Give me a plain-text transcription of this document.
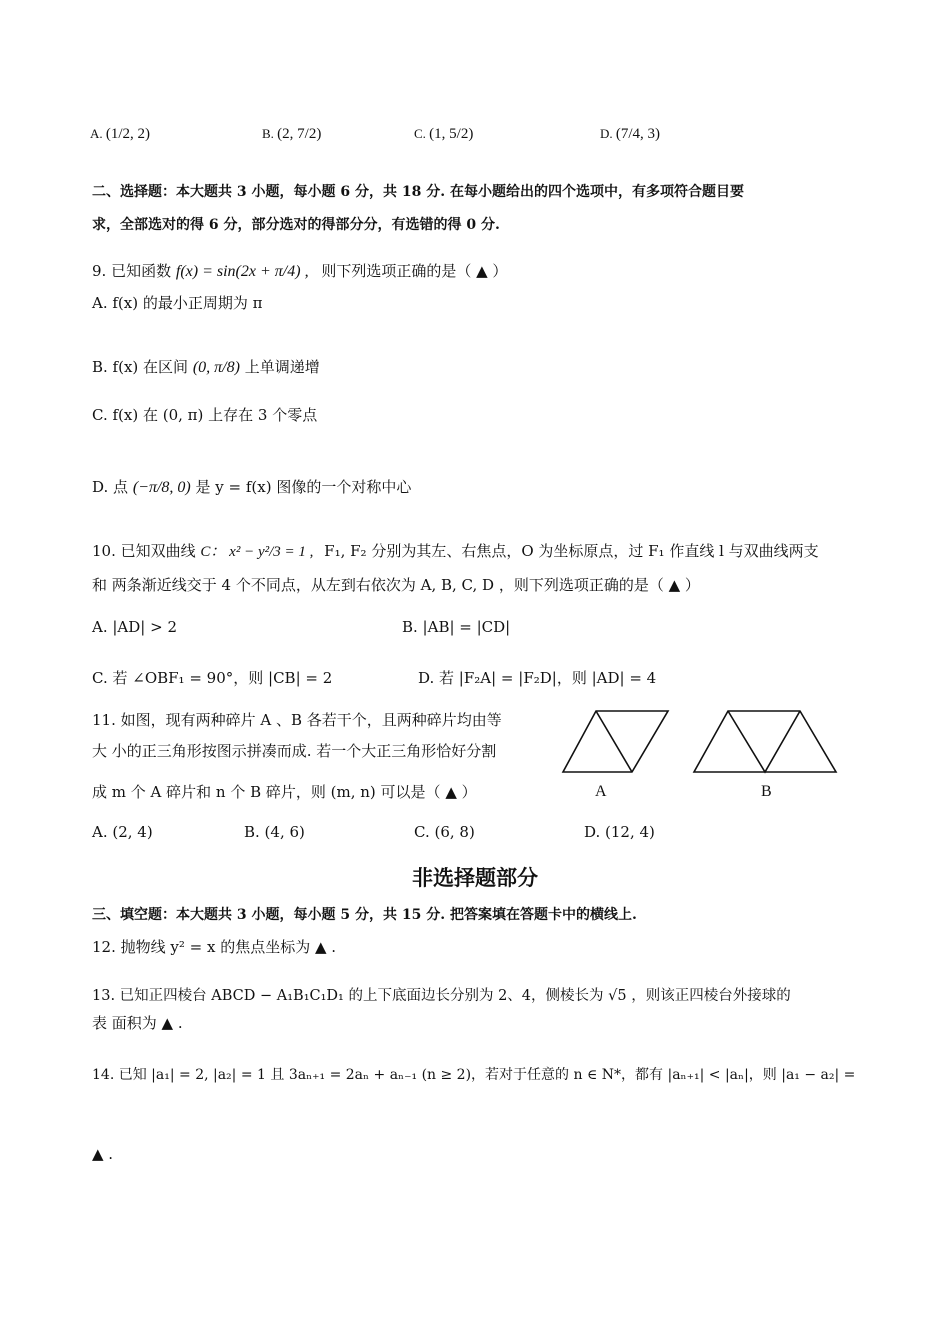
A. (1/2, 2)	B. (2, 7/2)	C. (1, 5/2)	D. (7/4, 3)
二、选择题：本大题共 3 小题，每小题 6 分，共 18 分. 在每小题给出的四个选项中，有多项符合题目要
求，全部选对的得 6 分，部分选对的得部分分，有选错的得 0 分.
9. 已知函数 f(x) = sin(2x + π/4) , 则下列选项正确的是（ ▲ ）
A. f(x) 的最小正周期为 π
B. f(x) 在区间 (0, π/8) 上单调递增
C. f(x) 在 (0, π) 上存在 3 个零点
D. 点 (−π/8, 0) 是 y = f(x) 图像的一个对称中心
10. 已知双曲线 C： x² − y²/3 = 1 , F₁, F₂ 分别为其左、右焦点，O 为坐标原点，过 F₁ 作直线 l 与双曲线两支
和 两条渐近线交于 4 个不同点，从左到右依次为 A, B, C, D ，则下列选项正确的是（ ▲ ）
A. |AD| > 2	B. |AB| = |CD|
C. 若 ∠OBF₁ = 90°，则 |CB| = 2	D. 若 |F₂A| = |F₂D|，则 |AD| = 4
11. 如图，现有两种碎片 A 、B 各若干个，且两种碎片均由等
大 小的正三角形按图示拼凑而成. 若一个大正三角形恰好分割
成 m 个 A 碎片和 n 个 B 碎片，则 (m, n) 可以是（ ▲ ）	A	B
A. (2, 4)	B. (4, 6)	C. (6, 8)	D. (12, 4)
非选择题部分
三、填空题：本大题共 3 小题，每小题 5 分，共 15 分. 把答案填在答题卡中的横线上.
12. 抛物线 y² = x 的焦点坐标为 ▲ .
13. 已知正四棱台 ABCD − A₁B₁C₁D₁ 的上下底面边长分别为 2、4，侧棱长为 √5 ，则该正四棱台外接球的
表 面积为 ▲ .
14. 已知 |a₁| = 2, |a₂| = 1 且 3aₙ₊₁ = 2aₙ + aₙ₋₁ (n ≥ 2)，若对于任意的 n ∈ N*，都有 |aₙ₊₁| < |aₙ|，则 |a₁ − a₂| =
▲ .
